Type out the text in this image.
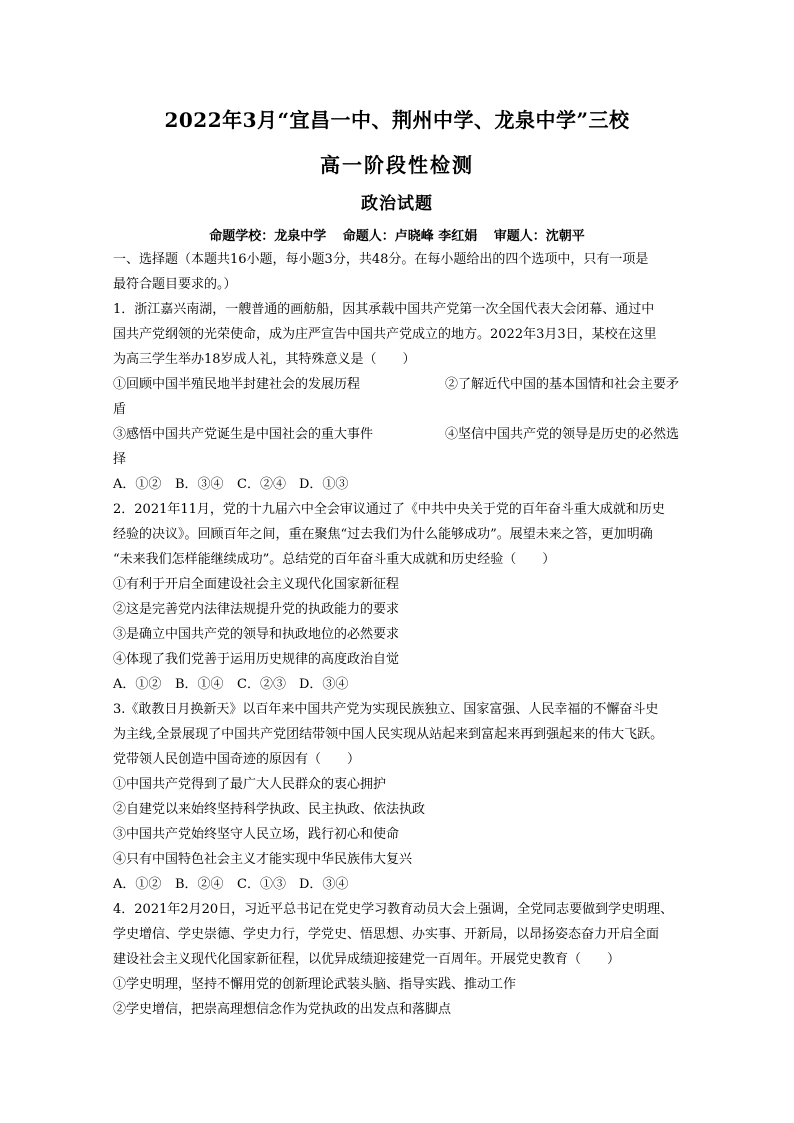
2022年3月“宜昌一中、荆州中学、龙泉中学”三校
高一阶段性检测
政治试题
命题学校：龙泉中学 命题人：卢晓峰 李红娟 审题人：沈朝平
一、选择题（本题共16小题，每小题3分，共48分。在每小题给出的四个选项中，只有一项是
最符合题目要求的。）
1．浙江嘉兴南湖，一艘普通的画舫船，因其承载中国共产党第一次全国代表大会闭幕、通过中
国共产党纲领的光荣使命，成为庄严宣告中国共产党成立的地方。2022年3月3日，某校在这里
为高三学生举办18岁成人礼，其特殊意义是（　　）
①回顾中国半殖民地半封建社会的发展历程	②了解近代中国的基本国情和社会主要矛
盾
③感悟中国共产党诞生是中国社会的重大事件	④坚信中国共产党的领导是历史的必然选
择
A．①②	B．③④	C．②④	D．①③
2．2021年11月，党的十九届六中全会审议通过了《中共中央关于党的百年奋斗重大成就和历史
经验的决议》。回顾百年之间，重在聚焦“过去我们为什么能够成功”。展望未来之答，更加明确
“未来我们怎样能继续成功”。总结党的百年奋斗重大成就和历史经验（　　）
①有利于开启全面建设社会主义现代化国家新征程
②这是完善党内法律法规提升党的执政能力的要求
③是确立中国共产党的领导和执政地位的必然要求
④体现了我们党善于运用历史规律的高度政治自觉
A．①②	B．①④	C．②③	D．③④
3.《敢教日月换新天》以百年来中国共产党为实现民族独立、国家富强、人民幸福的不懈奋斗史
为主线,全景展现了中国共产党团结带领中国人民实现从站起来到富起来再到强起来的伟大飞跃。
党带领人民创造中国奇迹的原因有（　　）
①中国共产党得到了最广大人民群众的衷心拥护
②自建党以来始终坚持科学执政、民主执政、依法执政
③中国共产党始终坚守人民立场，践行初心和使命
④只有中国特色社会主义才能实现中华民族伟大复兴
A．①②	B．②④	C．①③	D．③④
4．2021年2月20日，习近平总书记在党史学习教育动员大会上强调，全党同志要做到学史明理、
学史增信、学史崇德、学史力行，学党史、悟思想、办实事、开新局，以昂扬姿态奋力开启全面
建设社会主义现代化国家新征程，以优异成绩迎接建党一百周年。开展党史教育（　　）
①学史明理，坚持不懈用党的创新理论武装头脑、指导实践、推动工作
②学史增信，把崇高理想信念作为党执政的出发点和落脚点
